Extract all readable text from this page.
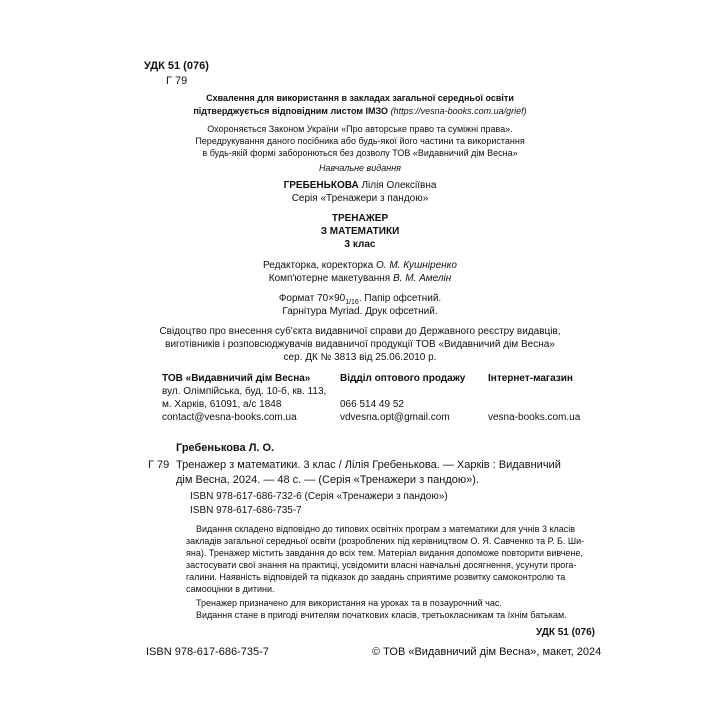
УДК 51 (076)
Г 79
Схвалення для використання в закладах загальної середньої освіти
підтверджується відповідним листом ІМЗО (https://vesna-books.com.ua/grief)
Охороняється Законом України «Про авторське право та суміжні права».
Передрукування даного посібника або будь-якої його частини та використання
в будь-якій формі заборонються без дозволу ТОВ «Видавничий дім Весна»
Навчальне видання
ГРЕБЕНЬКОВА Лілія Олексіївна
Серія «Тренажери з пандою»
ТРЕНАЖЕР
З МАТЕМАТИКИ
3 клас
Редакторка, коректорка О. М. Кушніренко
Комп'ютерне макетування В. М. Амелін
Формат $70\times 90_{1/16}$. Папір офсетний.
Гарнітура Myriad. Друк офсетний.
Свідоцтво про внесення суб'єкта видавничої справи до Державного реєстру видавців,
виготівників і розповсюджувачів видавничої продукції ТОВ «Видавничий дім Весна»
сер. ДК № 3813 від 25.06.2010 р.
ТОВ «Видавничий дім Весна»
вул. Олімпійська, буд. 10-б, кв. 113,
м. Харків, 61091, а/с 1848
contact@vesna-books.com.ua
Відділ оптового продажу
066 514 49 52
vdvesna.opt@gmail.com
Інтернет-магазин
vesna-books.com.ua
Гребенькова Л. О.
Г 79 Тренажер з математики. 3 клас / Лілія Гребенькова. — Харків : Видавничий
дім Весна, 2024. — 48 с. — (Серія «Тренажери з пандою»).
ISBN 978-617-686-732-6 (Серія «Тренажери з пандою»)
ISBN 978-617-686-735-7
Видання складено відповідно до типових освітніх програм з математики для учнів 3 класів
закладів загальної середньої освіти (розроблених під керівництвом О. Я. Савченко та Р. Б. Ши-
яна). Тренажер містить завдання до всіх тем. Матеріал видання допоможе повторити вивчене,
застосувати свої знання на практиці, усвідомити власні навчальні досягнення, усунути прога-
галини. Наявність відповідей та підказок до завдань сприятиме розвитку самоконтролю та
самооцінки в дитини.
Тренажер призначено для використання на уроках та в позаурочний час.
Видання стане в пригоді вчителям початкових класів, третьокласникам та їхнім батькам.
УДК 51 (076)
ISBN 978-617-686-735-7	© ТОВ «Видавничий дім Весна», макет, 2024
